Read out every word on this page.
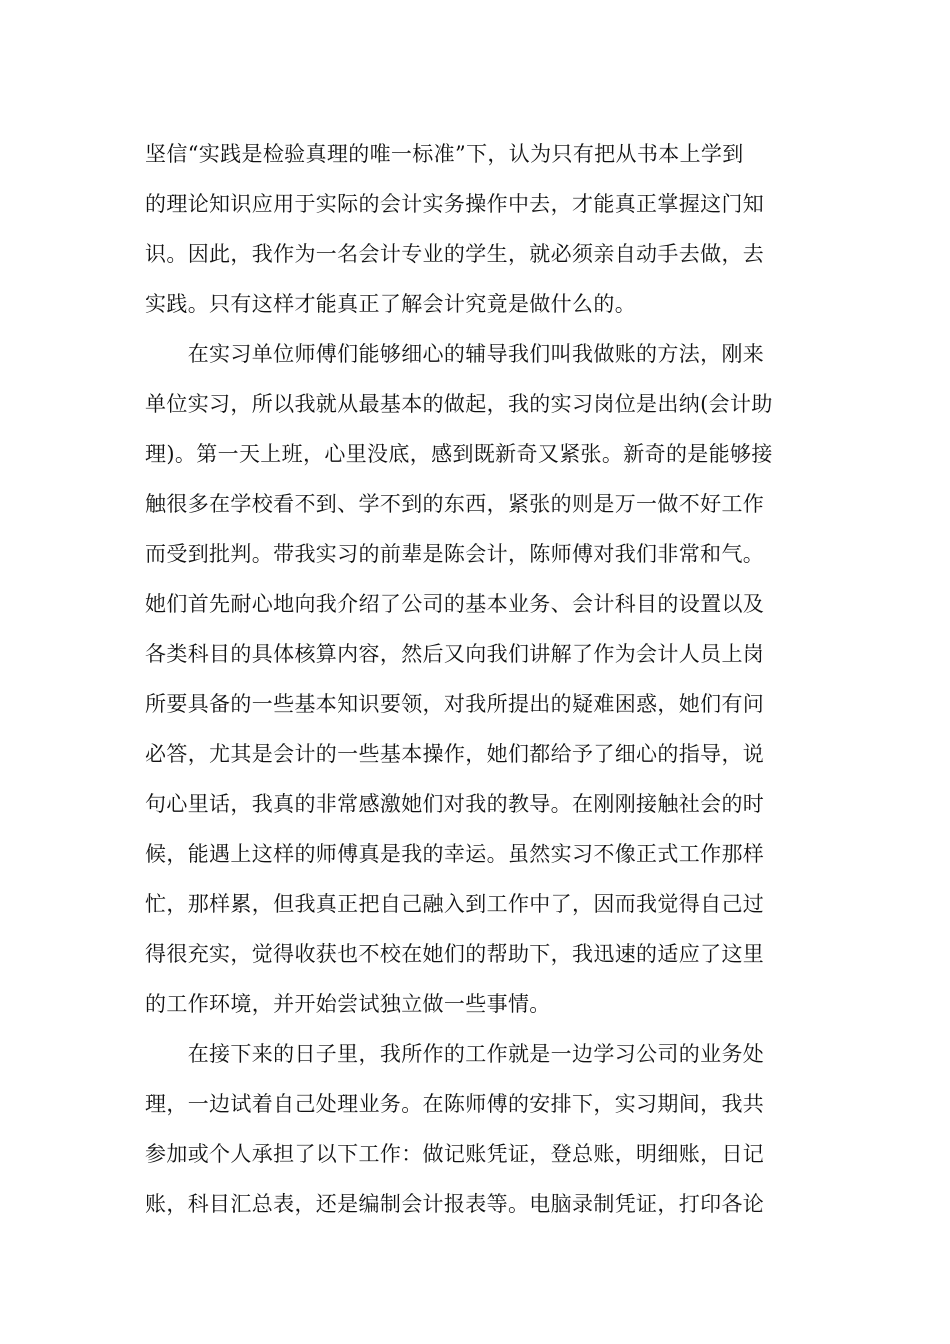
坚信“实践是检验真理的唯一标准”下，认为只有把从书本上学到
的理论知识应用于实际的会计实务操作中去，才能真正掌握这门知
识。因此，我作为一名会计专业的学生，就必须亲自动手去做，去
实践。只有这样才能真正了解会计究竟是做什么的。
　　在实习单位师傅们能够细心的辅导我们叫我做账的方法，刚来
单位实习，所以我就从最基本的做起，我的实习岗位是出纳(会计助
理)。第一天上班，心里没底，感到既新奇又紧张。新奇的是能够接
触很多在学校看不到、学不到的东西，紧张的则是万一做不好工作
而受到批判。带我实习的前辈是陈会计，陈师傅对我们非常和气。
她们首先耐心地向我介绍了公司的基本业务、会计科目的设置以及
各类科目的具体核算内容，然后又向我们讲解了作为会计人员上岗
所要具备的一些基本知识要领，对我所提出的疑难困惑，她们有问
必答，尤其是会计的一些基本操作，她们都给予了细心的指导，说
句心里话，我真的非常感激她们对我的教导。在刚刚接触社会的时
候，能遇上这样的师傅真是我的幸运。虽然实习不像正式工作那样
忙，那样累，但我真正把自己融入到工作中了，因而我觉得自己过
得很充实，觉得收获也不校在她们的帮助下，我迅速的适应了这里
的工作环境，并开始尝试独立做一些事情。
　　在接下来的日子里，我所作的工作就是一边学习公司的业务处
理，一边试着自己处理业务。在陈师傅的安排下，实习期间，我共
参加或个人承担了以下工作：做记账凭证，登总账，明细账，日记
账，科目汇总表，还是编制会计报表等。电脑录制凭证，打印各论
